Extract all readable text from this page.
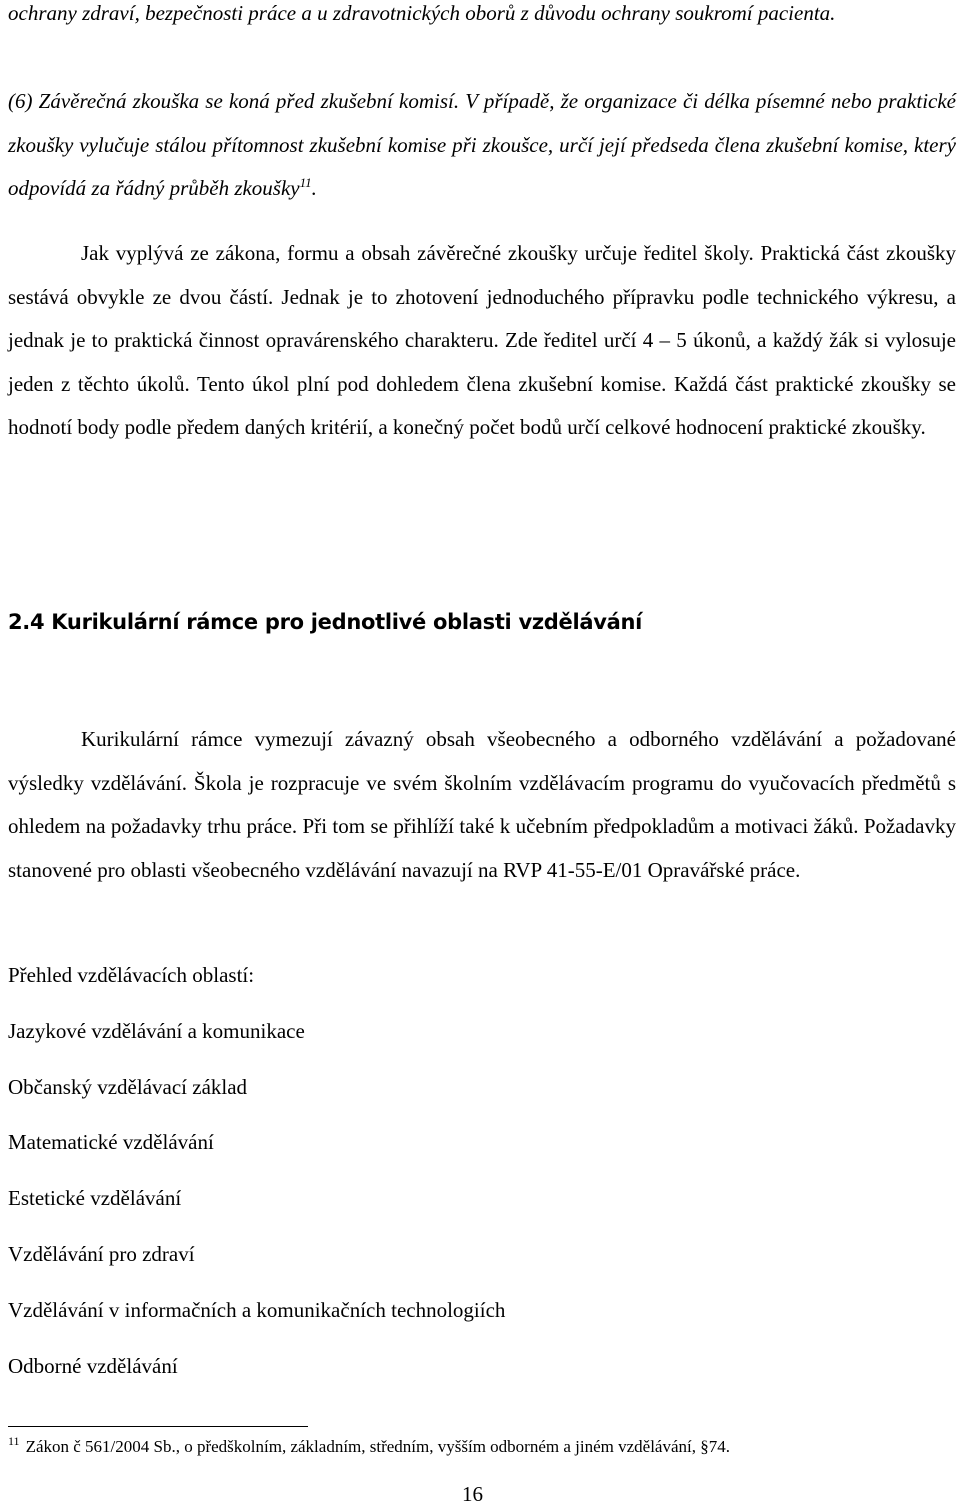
ochrany zdraví, bezpečnosti práce a u zdravotnických oborů z důvodu ochrany soukromí pacienta.

(6) Závěrečná zkouška se koná před zkušební komisí. V případě, že organizace či délka písemné nebo praktické zkoušky vylučuje stálou přítomnost zkušební komise při zkoušce, určí její předseda člena zkušební komise, který odpovídá za řádný průběh zkoušky$^{11}$.

Jak vyplývá ze zákona, formu a obsah závěrečné zkoušky určuje ředitel školy. Praktická část zkoušky sestává obvykle ze dvou částí. Jednak je to zhotovení jednoduchého přípravku podle technického výkresu, a jednak je to praktická činnost opravárenského charakteru. Zde ředitel určí 4 – 5 úkonů, a každý žák si vylosuje jeden z těchto úkolů. Tento úkol plní pod dohledem člena zkušební komise. Každá část praktické zkoušky se hodnotí body podle předem daných kritérií, a konečný počet bodů určí celkové hodnocení praktické zkoušky.

2.4 Kurikulární rámce pro jednotlivé oblasti vzdělávání

Kurikulární rámce vymezují závazný obsah všeobecného a odborného vzdělávání a požadované výsledky vzdělávání. Škola je rozpracuje ve svém školním vzdělávacím programu do vyučovacích předmětů s ohledem na požadavky trhu práce. Při tom se přihlíží také k učebním předpokladům a motivaci žáků. Požadavky stanovené pro oblasti všeobecného vzdělávání navazují na RVP 41-55-E/01 Opravářské práce.

Přehled vzdělávacích oblastí:
Jazykové vzdělávání a komunikace
Občanský vzdělávací základ
Matematické vzdělávání
Estetické vzdělávání
Vzdělávání pro zdraví
Vzdělávání v informačních a komunikačních technologiích
Odborné vzdělávání

$^{11}$ Zákon č 561/2004 Sb., o předškolním, základním, středním, vyšším odborném a jiném vzdělávání, §74.

16
